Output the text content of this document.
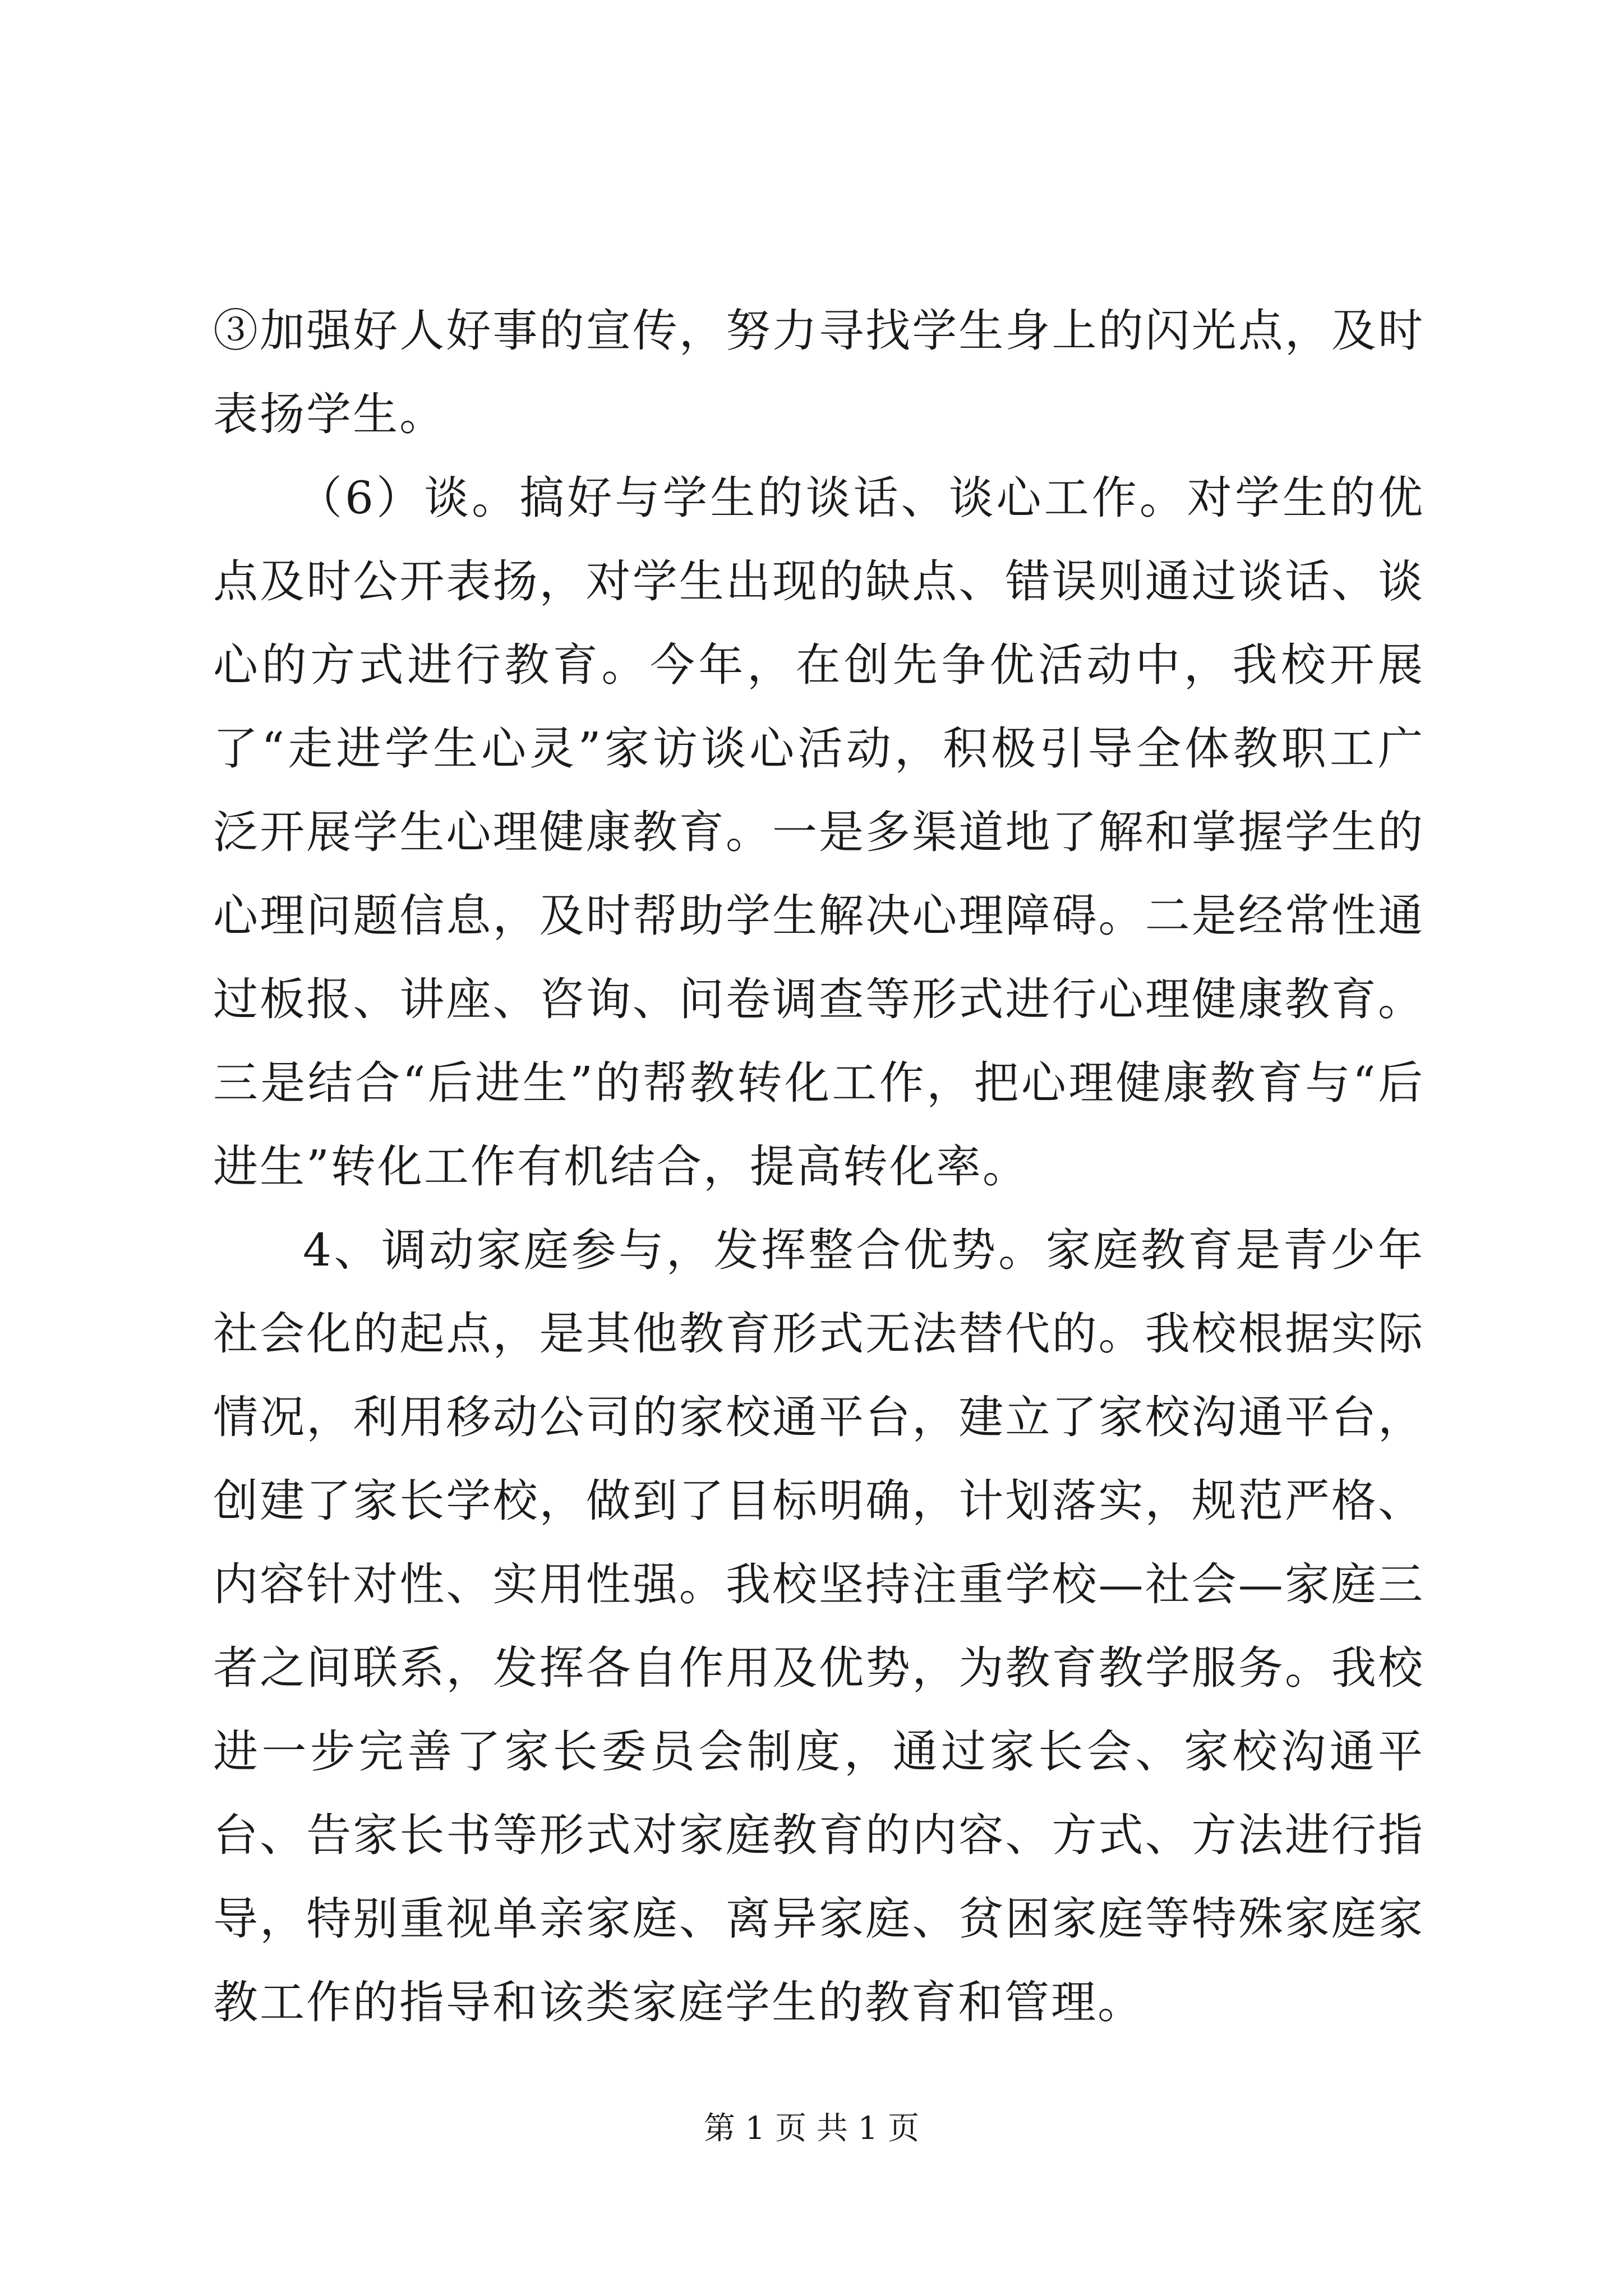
③加强好人好事的宣传，努力寻找学生身上的闪光点，及时表扬学生。

（6）谈。搞好与学生的谈话、谈心工作。对学生的优点及时公开表扬，对学生出现的缺点、错误则通过谈话、谈心的方式进行教育。今年，在创先争优活动中，我校开展了“走进学生心灵”家访谈心活动，积极引导全体教职工广泛开展学生心理健康教育。一是多渠道地了解和掌握学生的心理问题信息，及时帮助学生解决心理障碍。二是经常性通过板报、讲座、咨询、问卷调查等形式进行心理健康教育。三是结合“后进生”的帮教转化工作，把心理健康教育与“后进生”转化工作有机结合，提高转化率。

4、调动家庭参与，发挥整合优势。家庭教育是青少年社会化的起点，是其他教育形式无法替代的。我校根据实际情况，利用移动公司的家校通平台，建立了家校沟通平台，创建了家长学校，做到了目标明确，计划落实，规范严格、内容针对性、实用性强。我校坚持注重学校—社会—家庭三者之间联系，发挥各自作用及优势，为教育教学服务。我校进一步完善了家长委员会制度，通过家长会、家校沟通平台、告家长书等形式对家庭教育的内容、方式、方法进行指导，特别重视单亲家庭、离异家庭、贫困家庭等特殊家庭家教工作的指导和该类家庭学生的教育和管理。

第 1 页 共 1 页
